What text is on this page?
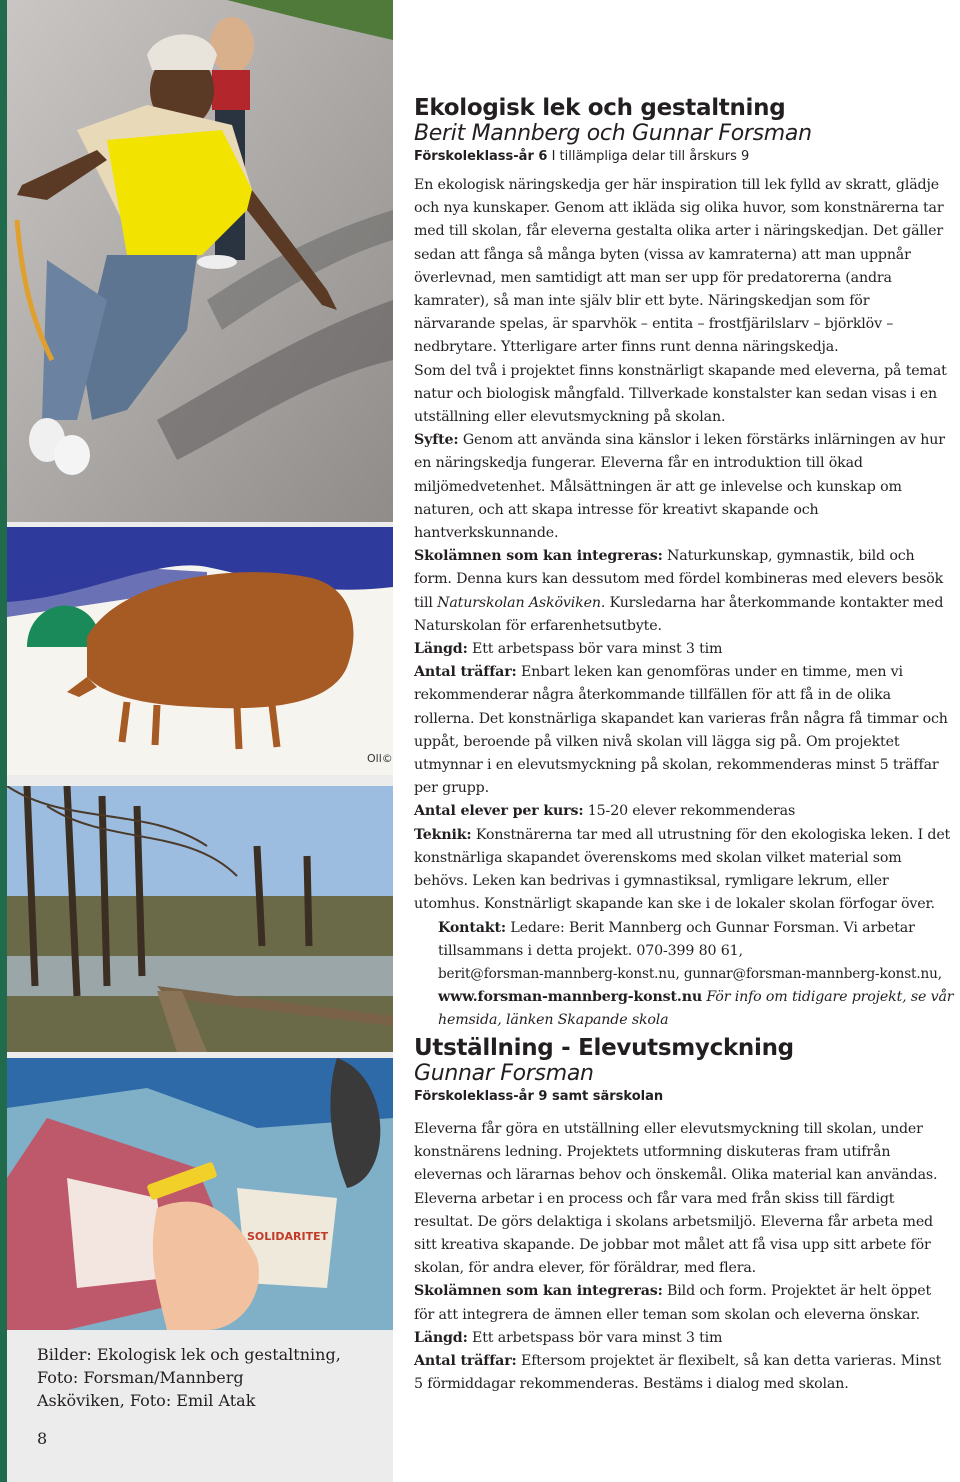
Oll©
SOLIDARITET
Bilder: Ekologisk lek och gestaltning,
Foto: Forsman/Mannberg
Asköviken, Foto: Emil Atak
8
Ekologisk lek och gestaltning
Berit Mannberg och Gunnar Forsman
Förskoleklass-år 6 I tillämpliga delar till årskurs 9

En ekologisk näringskedja ger här inspiration till lek fylld av skratt, glädje och nya kunskaper. Genom att ikläda sig olika huvor, som konstnärerna tar med till skolan, får eleverna gestalta olika arter i näringskedjan. Det gäller sedan att fånga så många byten (vissa av kamraterna) att man uppnår överlevnad, men samtidigt att man ser upp för predatorerna (andra kamrater), så man inte själv blir ett byte. Näringskedjan som för närvarande spelas, är sparvhök – entita – frostfjärilslarv – björklöv – nedbrytare. Ytterligare arter finns runt denna näringskedja.

Som del två i projektet finns konstnärligt skapande med eleverna, på temat natur och biologisk mångfald. Tillverkade konstalster kan sedan visas i en utställning eller elevutsmyckning på skolan.

Syfte: Genom att använda sina känslor i leken förstärks inlärningen av hur en näringskedja fungerar. Eleverna får en introduktion till ökad miljömedvetenhet. Målsättningen är att ge inlevelse och kunskap om naturen, och att skapa intresse för kreativt skapande och hantverkskunnande.

Skolämnen som kan integreras: Naturkunskap, gymnastik, bild och form. Denna kurs kan dessutom med fördel kombineras med elevers besök till Naturskolan Asköviken. Kursledarna har återkommande kontakter med Naturskolan för erfarenhetsutbyte.

Längd: Ett arbetspass bör vara minst 3 tim

Antal träffar: Enbart leken kan genomföras under en timme, men vi rekommenderar några återkommande tillfällen för att få in de olika rollerna. Det konstnärliga skapandet kan varieras från några få timmar och uppåt, beroende på vilken nivå skolan vill lägga sig på. Om projektet utmynnar i en elevutsmyckning på skolan, rekommenderas minst 5 träffar per grupp.

Antal elever per kurs: 15-20 elever rekommenderas

Teknik: Konstnärerna tar med all utrustning för den ekologiska leken. I det konstnärliga skapandet överenskoms med skolan vilket material som behövs. Leken kan bedrivas i gymnastiksal, rymligare lekrum, eller utomhus. Konstnärligt skapande kan ske i de lokaler skolan förfogar över.

Kontakt: Ledare: Berit Mannberg och Gunnar Forsman. Vi arbetar tillsammans i detta projekt. 070-399 80 61,

berit@forsman-mannberg-konst.nu, gunnar@forsman-mannberg-konst.nu,

www.forsman-mannberg-konst.nu För info om tidigare projekt, se vår hemsida, länken Skapande skola

Utställning - Elevutsmyckning
Gunnar Forsman
Förskoleklass-år 9 samt särskolan

Eleverna får göra en utställning eller elevutsmyckning till skolan, under konstnärens ledning. Projektets utformning diskuteras fram utifrån elevernas och lärarnas behov och önskemål. Olika material kan användas. Eleverna arbetar i en process och får vara med från skiss till färdigt resultat. De görs delaktiga i skolans arbetsmiljö. Eleverna får arbeta med sitt kreativa skapande. De jobbar mot målet att få visa upp sitt arbete för skolan, för andra elever, för föräldrar, med flera.

Skolämnen som kan integreras: Bild och form. Projektet är helt öppet för att integrera de ämnen eller teman som skolan och eleverna önskar.

Längd: Ett arbetspass bör vara minst 3 tim

Antal träffar: Eftersom projektet är flexibelt, så kan detta varieras. Minst 5 förmiddagar rekommenderas. Bestäms i dialog med skolan.
